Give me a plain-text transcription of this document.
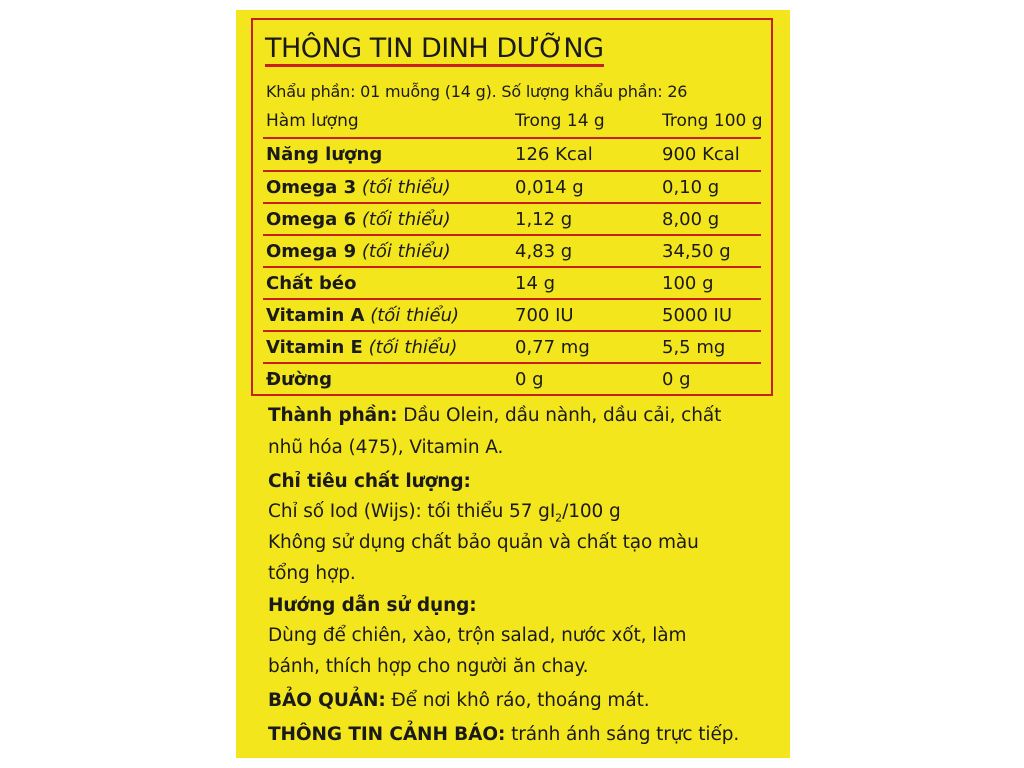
THÔNG TIN DINH DƯỠNG
Khẩu phần: 01 muỗng (14 g). Số lượng khẩu phần: 26
Hàm lượng	Trong 14 g	Trong 100 g
Năng lượng	126 Kcal	900 Kcal
Omega 3 (tối thiểu)	0,014 g	0,10 g
Omega 6 (tối thiểu)	1,12 g	8,00 g
Omega 9 (tối thiểu)	4,83 g	34,50 g
Chất béo	14 g	100 g
Vitamin A (tối thiểu)	700 IU	5000 IU
Vitamin E (tối thiểu)	0,77 mg	5,5 mg
Đường	0 g	0 g
Thành phần: Dầu Olein, dầu nành, dầu cải, chất
nhũ hóa (475), Vitamin A.
Chỉ tiêu chất lượng:
Chỉ số Iod (Wijs): tối thiểu 57 $gI_2/100$ g
Không sử dụng chất bảo quản và chất tạo màu
tổng hợp.
Hướng dẫn sử dụng:
Dùng để chiên, xào, trộn salad, nước xốt, làm
bánh, thích hợp cho người ăn chay.
BẢO QUẢN: Để nơi khô ráo, thoáng mát.
THÔNG TIN CẢNH BÁO: tránh ánh sáng trực tiếp.
